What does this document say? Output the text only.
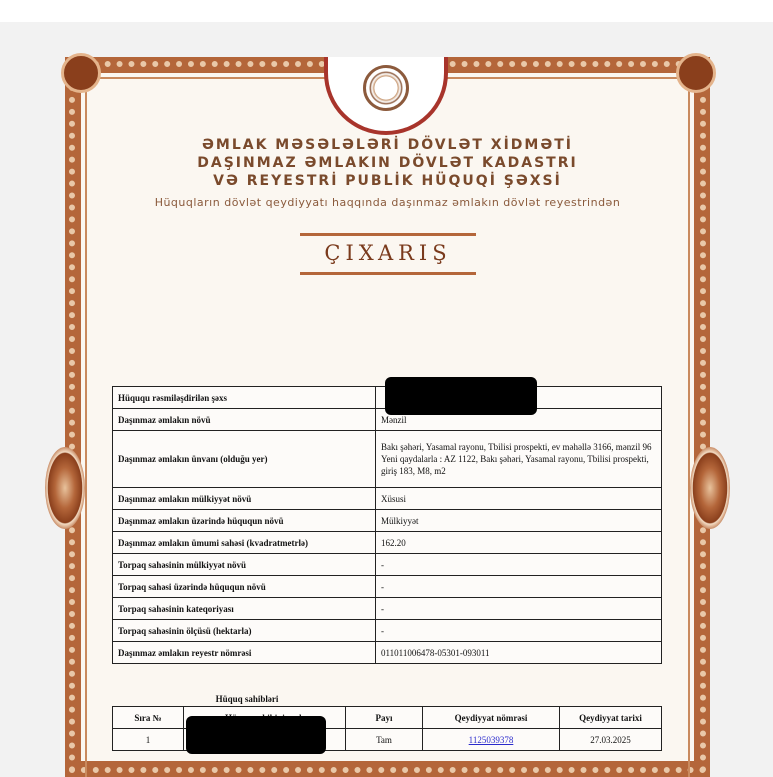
ƏMLAK MƏSƏLƏLƏRİ DÖVLƏT XİDMƏTİ
DAŞINMAZ ƏMLAKIN DÖVLƏT KADASTRI
VƏ REYESTRİ PUBLİK HÜQUQİ ŞƏXSİ
Hüquqların dövlət qeydiyyatı haqqında daşınmaz əmlakın dövlət reyestrindən
ÇIXARIŞ
Hüququ rəsmiləşdirilən şəxs	
Daşınmaz əmlakın növü	Mənzil
Daşınmaz əmlakın ünvanı (olduğu yer)	Bakı şəhəri, Yasamal rayonu, Tbilisi prospekti, ev məhəllə 3166, mənzil 96
Yeni qaydalarla : AZ 1122, Bakı şəhəri, Yasamal rayonu, Tbilisi prospekti, giriş 183, M8, m2

Daşınmaz əmlakın mülkiyyət növü	Xüsusi
Daşınmaz əmlakın üzərində hüququn növü	Mülkiyyət
Daşınmaz əmlakın ümumi sahəsi (kvadratmetrlə)	162.20
Torpaq sahəsinin mülkiyyət növü	-
Torpaq sahəsi üzərində hüququn növü	-
Torpaq sahəsinin kateqoriyası	-
Torpaq sahəsinin ölçüsü (hektarla)	-
Daşınmaz əmlakın reyestr nömrəsi	011011006478-05301-093011
Hüquq sahibləri
Sıra №		Payı	Qeydiyyat nömrəsi	Qeydiyyat tarixi
1		Tam	1125039378	27.03.2025
